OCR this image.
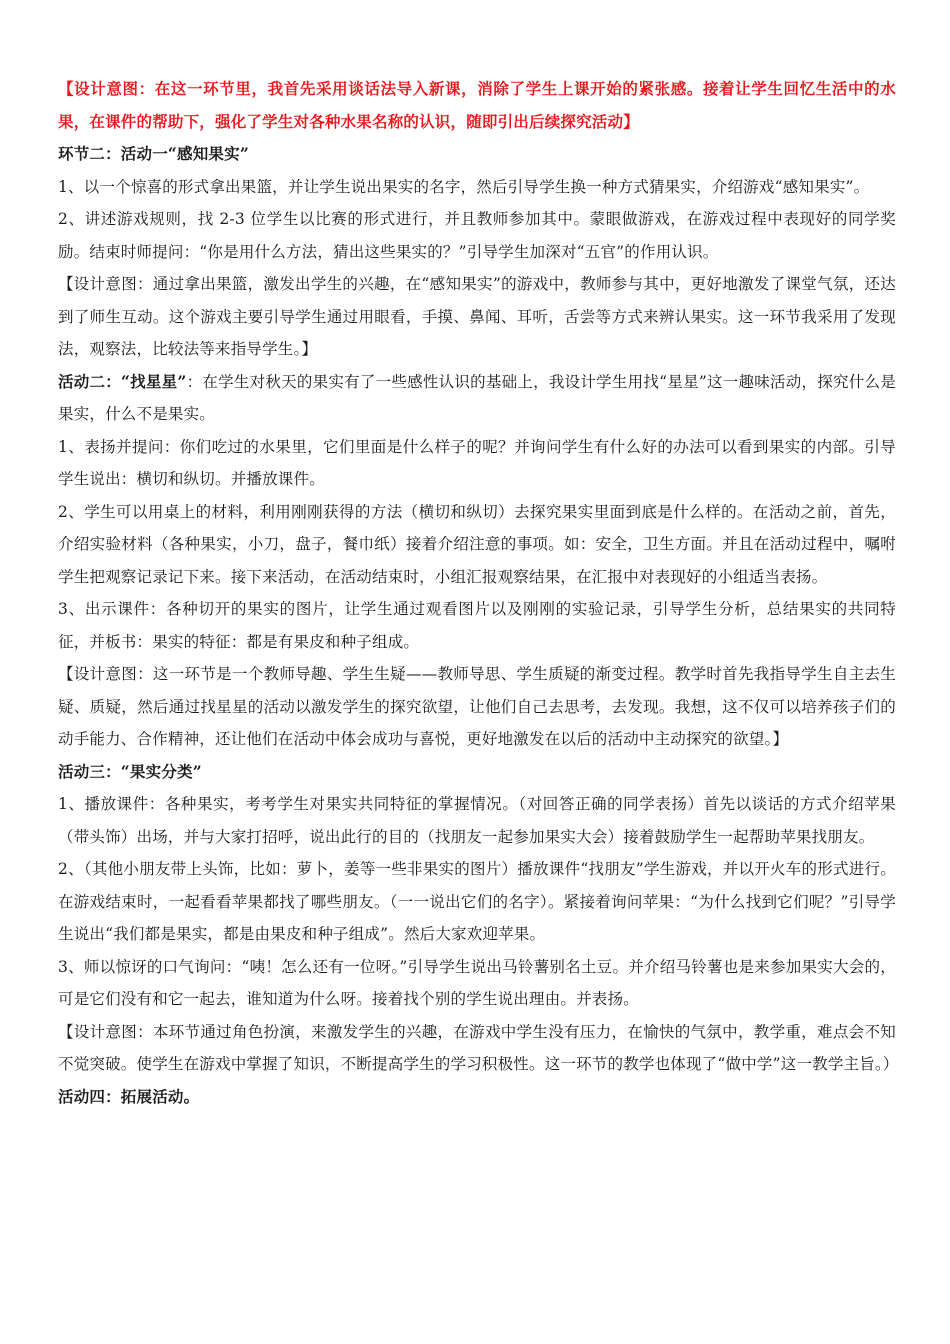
【设计意图：在这一环节里，我首先采用谈话法导入新课，消除了学生上课开始的紧张感。接着让学生回忆生活中的水果，在课件的帮助下，强化了学生对各种水果名称的认识，随即引出后续探究活动】

环节二：活动一“感知果实”

1、以一个惊喜的形式拿出果篮，并让学生说出果实的名字，然后引导学生换一种方式猜果实，介绍游戏“感知果实”。

2、讲述游戏规则，找 2-3 位学生以比赛的形式进行，并且教师参加其中。蒙眼做游戏，在游戏过程中表现好的同学奖励。结束时师提问：“你是用什么方法，猜出这些果实的？”引导学生加深对“五官”的作用认识。

【设计意图：通过拿出果篮，激发出学生的兴趣，在“感知果实”的游戏中，教师参与其中，更好地激发了课堂气氛，还达到了师生互动。这个游戏主要引导学生通过用眼看，手摸、鼻闻、耳听，舌尝等方式来辨认果实。这一环节我采用了发现法，观察法，比较法等来指导学生。】

活动二：“找星星”：在学生对秋天的果实有了一些感性认识的基础上，我设计学生用找“星星”这一趣味活动，探究什么是果实，什么不是果实。

1、表扬并提问：你们吃过的水果里，它们里面是什么样子的呢？并询问学生有什么好的办法可以看到果实的内部。引导学生说出：横切和纵切。并播放课件。

2、学生可以用桌上的材料，利用刚刚获得的方法（横切和纵切）去探究果实里面到底是什么样的。在活动之前，首先，介绍实验材料（各种果实，小刀，盘子，餐巾纸）接着介绍注意的事项。如：安全，卫生方面。并且在活动过程中，嘱咐学生把观察记录记下来。接下来活动，在活动结束时，小组汇报观察结果，在汇报中对表现好的小组适当表扬。

3、出示课件：各种切开的果实的图片，让学生通过观看图片以及刚刚的实验记录，引导学生分析，总结果实的共同特征，并板书：果实的特征：都是有果皮和种子组成。

【设计意图：这一环节是一个教师导趣、学生生疑——教师导思、学生质疑的渐变过程。教学时首先我指导学生自主去生疑、质疑，然后通过找星星的活动以激发学生的探究欲望，让他们自己去思考，去发现。我想，这不仅可以培养孩子们的动手能力、合作精神，还让他们在活动中体会成功与喜悦，更好地激发在以后的活动中主动探究的欲望。】

活动三：“果实分类”

1、播放课件：各种果实，考考学生对果实共同特征的掌握情况。（对回答正确的同学表扬）首先以谈话的方式介绍苹果（带头饰）出场，并与大家打招呼，说出此行的目的（找朋友一起参加果实大会）接着鼓励学生一起帮助苹果找朋友。

2、（其他小朋友带上头饰，比如：萝卜，姜等一些非果实的图片）播放课件“找朋友”学生游戏，并以开火车的形式进行。在游戏结束时，一起看看苹果都找了哪些朋友。（一一说出它们的名字）。紧接着询问苹果：“为什么找到它们呢？”引导学生说出“我们都是果实，都是由果皮和种子组成”。然后大家欢迎苹果。

3、师以惊讶的口气询问：“咦！怎么还有一位呀。”引导学生说出马铃薯别名土豆。并介绍马铃薯也是来参加果实大会的，可是它们没有和它一起去，谁知道为什么呀。接着找个别的学生说出理由。并表扬。

【设计意图：本环节通过角色扮演，来激发学生的兴趣，在游戏中学生没有压力，在愉快的气氛中，教学重，难点会不知不觉突破。使学生在游戏中掌握了知识，不断提高学生的学习积极性。这一环节的教学也体现了“做中学”这一教学主旨。）

活动四：拓展活动。
